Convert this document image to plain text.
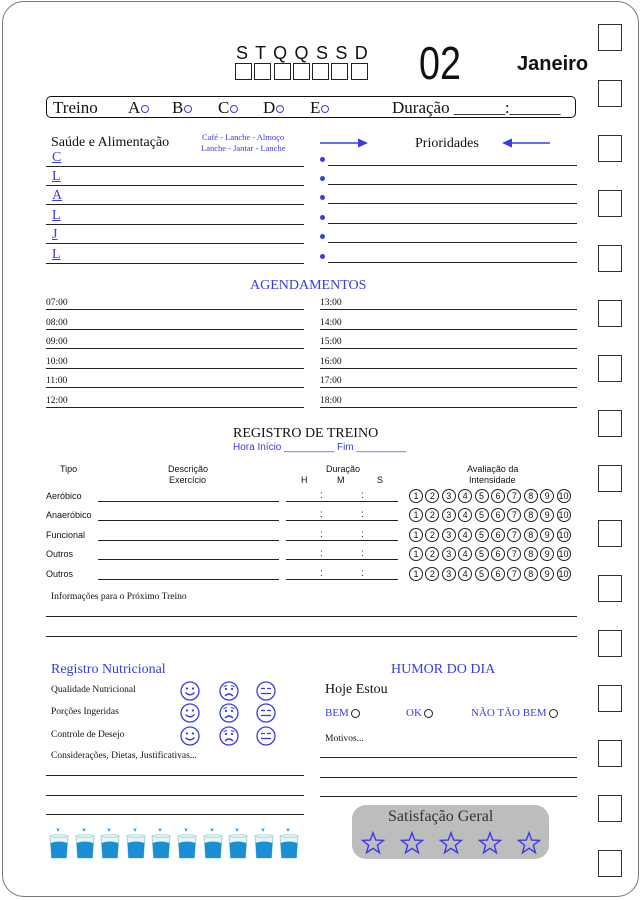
S T Q Q S S D 02	Janeiro
Treino	Duração ______:______
Saúde e Alimentação	Café - Lanche - Almoço
Lanche - Jantar - Lanche	Prioridades
AGENDAMENTOS
REGISTRO DE TREINO
Hora Início _________ Fim _________
Tipo	Descrição
Exercício
Duração
H	M	S
Avaliação da
Intensidade
Informações para o Próximo Treino
Registro Nutricional
Considerações, Dietas, Justificativas...
HUMOR DO DIA
Hoje Estou
BEM	OK	NÃO TÃO BEM
Motivos...
Satisfação Geral
A	B	C	D	E
C
L
A
L
J
L
07:00	13:00
08:00	14:00
09:00	15:00
10:00	16:00
11:00	17:00
12:00	18:00
Aeróbico	:	:	1 2 3 4 5 6 7 8 9 10
Anaeróbico	:	:	1 2 3 4 5 6 7 8 9 10
Funcional	:	:	1 2 3 4 5 6 7 8 9 10
Outros	:	:	1 2 3 4 5 6 7 8 9 10
Outros	:	:	1 2 3 4 5 6 7 8 9 10
Qualidade Nutricional
Porções Ingeridas
Controle de Desejo
